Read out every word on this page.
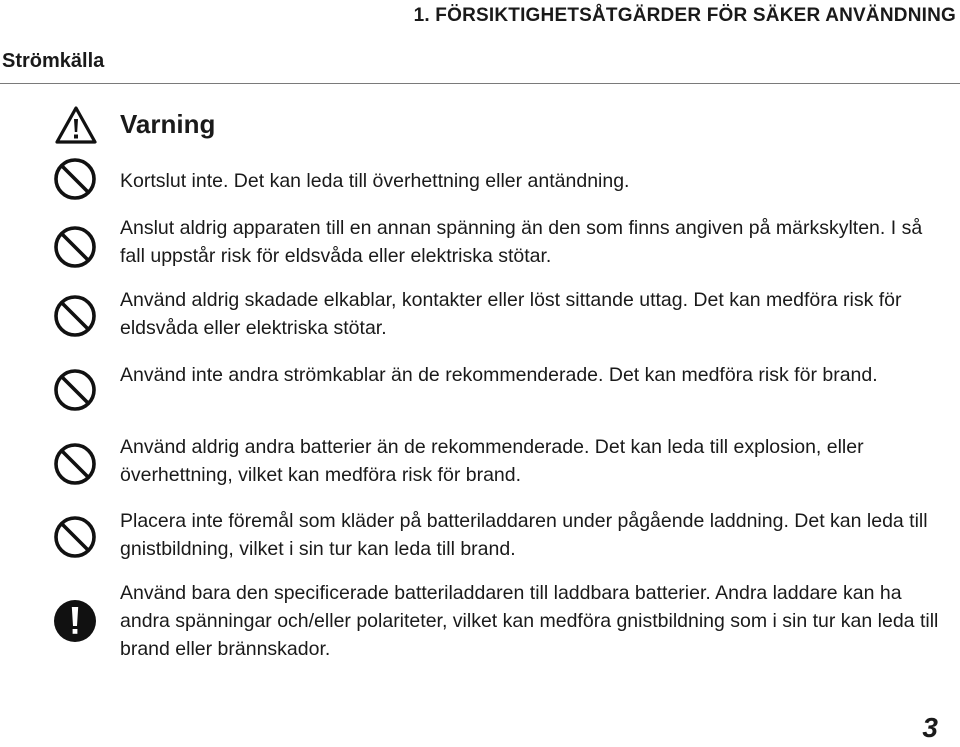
1. FÖRSIKTIGHETSÅTGÄRDER FÖR SÄKER ANVÄNDNING
Strömkälla
Varning

Kortslut inte. Det kan leda till överhettning eller antändning.

Anslut aldrig apparaten till en annan spänning än den som finns angiven på märkskylten. I så fall uppstår risk för eldsvåda eller elektriska stötar.

Använd aldrig skadade elkablar, kontakter eller löst sittande uttag. Det kan medföra risk för eldsvåda eller elektriska stötar.

Använd inte andra strömkablar än de rekommenderade. Det kan medföra risk för brand.

Använd aldrig andra batterier än de rekommenderade. Det kan leda till explosion, eller överhettning, vilket kan medföra risk för brand.

Placera inte föremål som kläder på batteriladdaren under pågående laddning. Det kan leda till gnistbildning, vilket i sin tur kan leda till brand.

Använd bara den specificerade batteriladdaren till laddbara batterier. Andra laddare kan ha andra spänningar och/eller polariteter, vilket kan medföra gnistbildning som i sin tur kan leda till brand eller brännskador.

3
